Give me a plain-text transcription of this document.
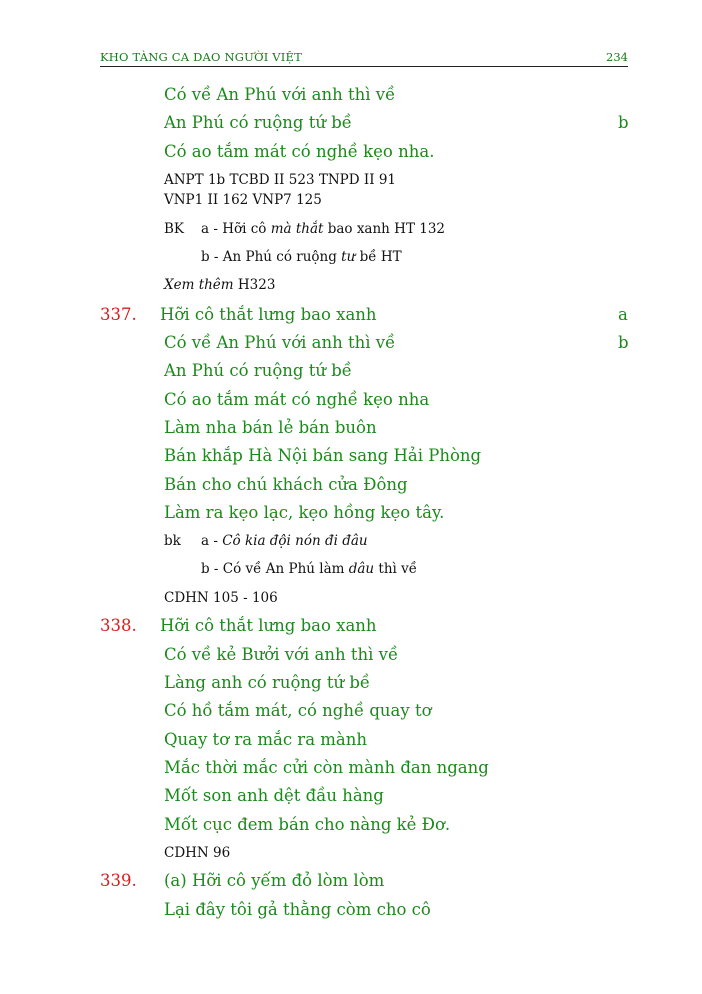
KHO TÀNG CA DAO NGƯỜI VIỆT	234
Có về An Phú với anh thì về
An Phú có ruộng tứ bề	b
Có ao tắm mát có nghề kẹo nha.
ANPT 1b TCBD II 523 TNPD II 91
VNP1 II 162 VNP7 125
BK a - Hỡi cô mà thắt bao xanh HT 132
b - An Phú có ruộng tư bề HT
Xem thêm H323
337. Hỡi cô thắt lưng bao xanh	a
Có về An Phú với anh thì về	b
An Phú có ruộng tứ bề
Có ao tắm mát có nghề kẹo nha
Làm nha bán lẻ bán buôn
Bán khắp Hà Nội bán sang Hải Phòng
Bán cho chú khách cửa Đông
Làm ra kẹo lạc, kẹo hồng kẹo tây.
bk a - Cô kia đội nón đi đâu
b - Có về An Phú làm dâu thì về
CDHN 105 - 106
338. Hỡi cô thắt lưng bao xanh
Có về kẻ Bưởi với anh thì về
Làng anh có ruộng tứ bề
Có hồ tắm mát, có nghề quay tơ
Quay tơ ra mắc ra mành
Mắc thời mắc cửi còn mành đan ngang
Mốt son anh dệt đầu hàng
Mốt cục đem bán cho nàng kẻ Đơ.
CDHN 96
339. (a) Hỡi cô yếm đỏ lòm lòm
Lại đây tôi gả thằng còm cho cô
